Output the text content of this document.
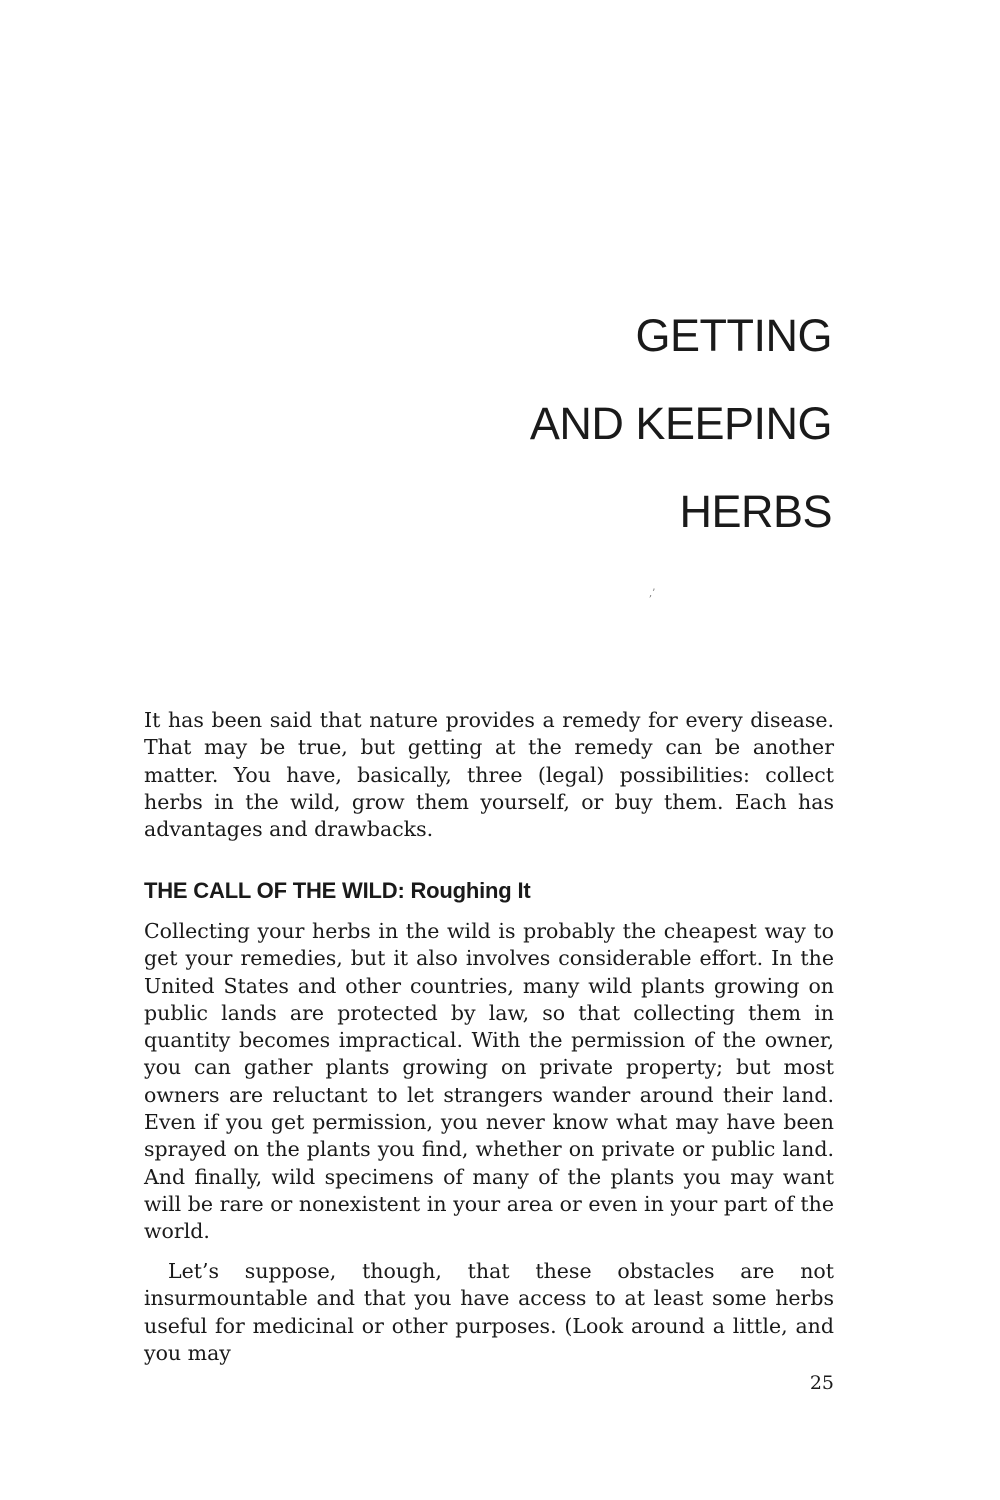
GETTING
AND KEEPING
HERBS
,’

It has been said that nature provides a remedy for every disease. That may be true, but getting at the remedy can be another matter. You have, basically, three (legal) possibilities: collect herbs in the wild, grow them yourself, or buy them. Each has advantages and drawbacks.

THE CALL OF THE WILD: Roughing It

Collecting your herbs in the wild is probably the cheapest way to get your remedies, but it also involves considerable effort. In the United States and other countries, many wild plants growing on public lands are protected by law, so that collecting them in quantity becomes impractical. With the permission of the owner, you can gather plants growing on private property; but most owners are reluctant to let strangers wander around their land. Even if you get permission, you never know what may have been sprayed on the plants you find, whether on private or public land. And finally, wild specimens of many of the plants you may want will be rare or nonexistent in your area or even in your part of the world.

Let’s suppose, though, that these obstacles are not insurmountable and that you have access to at least some herbs useful for medicinal or other purposes. (Look around a little, and you may

25
